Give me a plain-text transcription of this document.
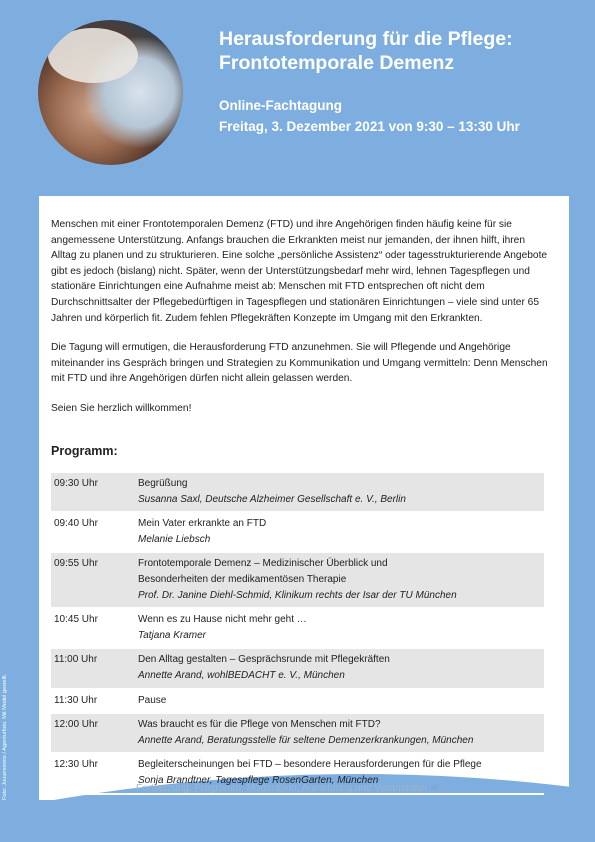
Herausforderung für die Pflege:
Frontotemporale Demenz
Online-Fachtagung
Freitag, 3. Dezember 2021 von 9:30 – 13:30 Uhr

Menschen mit einer Frontotemporalen Demenz (FTD) und ihre Angehörigen finden häufig keine für sie angemessene Unterstützung. Anfangs brauchen die Erkrankten meist nur jemanden, der ihnen hilft, ihren Alltag zu planen und zu strukturieren. Eine solche „persönliche Assistenz“ oder tagesstrukturierende Angebote gibt es jedoch (bislang) nicht. Später, wenn der Unterstützungsbedarf mehr wird, lehnen Tagespflegen und stationäre Einrichtungen eine Aufnahme meist ab: Menschen mit FTD entsprechen oft nicht dem Durchschnittsalter der Pflegebedürftigen in Tagespflegen und stationären Einrichtungen – viele sind unter 65 Jahren und körperlich fit. Zudem fehlen Pflegekräften Konzepte im Umgang mit den Erkrankten.

Die Tagung will ermutigen, die Herausforderung FTD anzunehmen. Sie will Pflegende und Angehörige miteinander ins Gespräch bringen und Strategien zu Kommunikation und Umgang vermitteln: Denn Menschen mit FTD und ihre Angehörigen dürfen nicht allein gelassen werden.

Seien Sie herzlich willkommen!

Programm:
09:30 Uhr	Begrüßung
Susanna Saxl, Deutsche Alzheimer Gesellschaft e. V., Berlin
09:40 Uhr	Mein Vater erkrankte an FTD
Melanie Liebsch
09:55 Uhr	Frontotemporale Demenz – Medizinischer Überblick und Besonderheiten der medikamentösen Therapie
Prof. Dr. Janine Diehl-Schmid, Klinikum rechts der Isar der TU München
10:45 Uhr	Wenn es zu Hause nicht mehr geht …
Tatjana Kramer
11:00 Uhr	Den Alltag gestalten – Gesprächsrunde mit Pflegekräften
Annette Arand, wohlBEDACHT e. V., München
11:30 Uhr	Pause
12:00 Uhr	Was braucht es für die Pflege von Menschen mit FTD?
Annette Arand, Beratungsstelle für seltene Demenzerkrankungen, München
12:30 Uhr	Begleiterscheinungen bei FTD – besondere Herausforderungen für die Pflege
Sonja Brandtner, Tagespflege RosenGarten, München
Fortsetzung: Programm, Moderation, Anmeldung und Veranstalter »
Foto: Juuumonino / Agenturfoto. Mit Model gestellt.
